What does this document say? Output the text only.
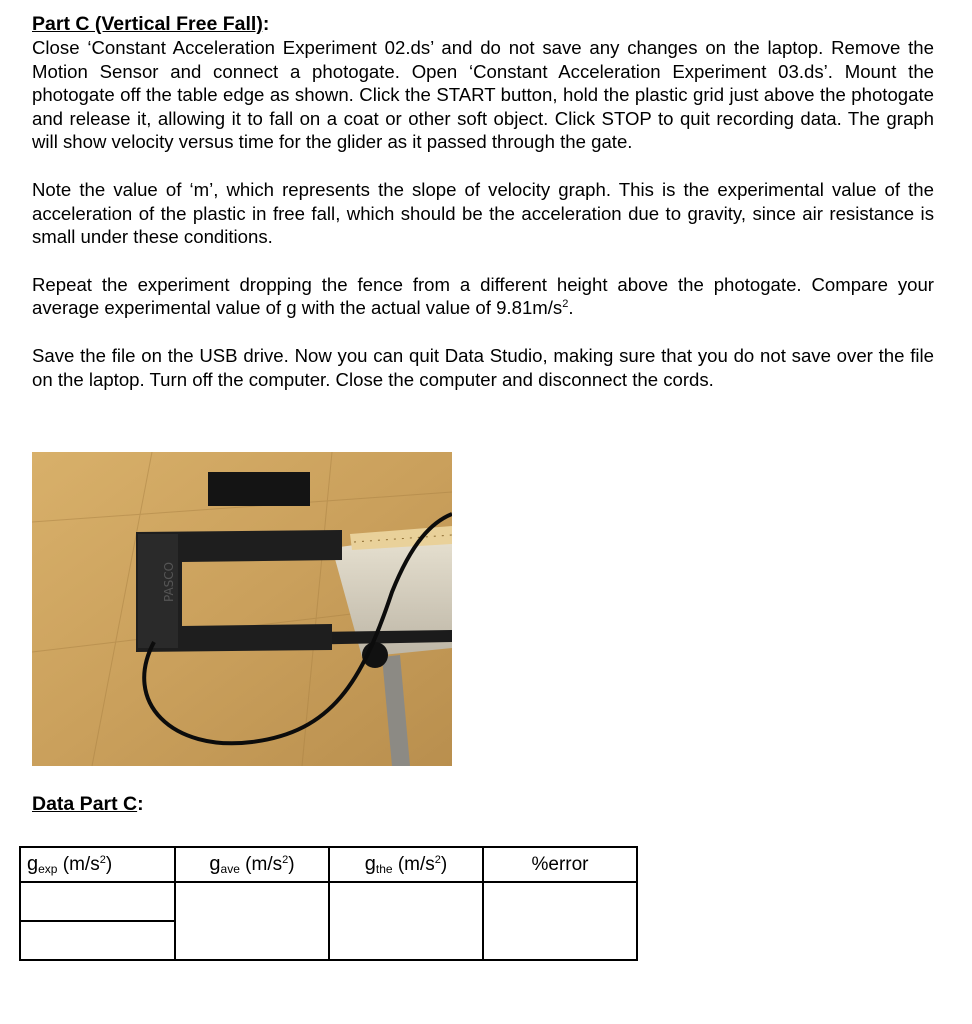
Part C (Vertical Free Fall):

Close ‘Constant Acceleration Experiment 02.ds’ and do not save any changes on the laptop. Remove the Motion Sensor and connect a photogate. Open ‘Constant Acceleration Experiment 03.ds’. Mount the photogate off the table edge as shown. Click the START button, hold the plastic grid just above the photogate and release it, allowing it to fall on a coat or other soft object. Click STOP to quit recording data. The graph will show velocity versus time for the glider as it passed through the gate.

Note the value of ‘m’, which represents the slope of velocity graph. This is the experimental value of the acceleration of the plastic in free fall, which should be the acceleration due to gravity, since air resistance is small under these conditions.

Repeat the experiment dropping the fence from a different height above the photogate. Compare your average experimental value of g with the actual value of $9.81m/s^2$.

Save the file on the USB drive. Now you can quit Data Studio, making sure that you do not save over the file on the laptop. Turn off the computer. Close the computer and disconnect the cords.

PASCO
Data Part C:
$g_{exp}$ $(m/s^2)$	$g_{ave}$ $(m/s^2)$	$g_{the}$ $(m/s^2)$	%error
